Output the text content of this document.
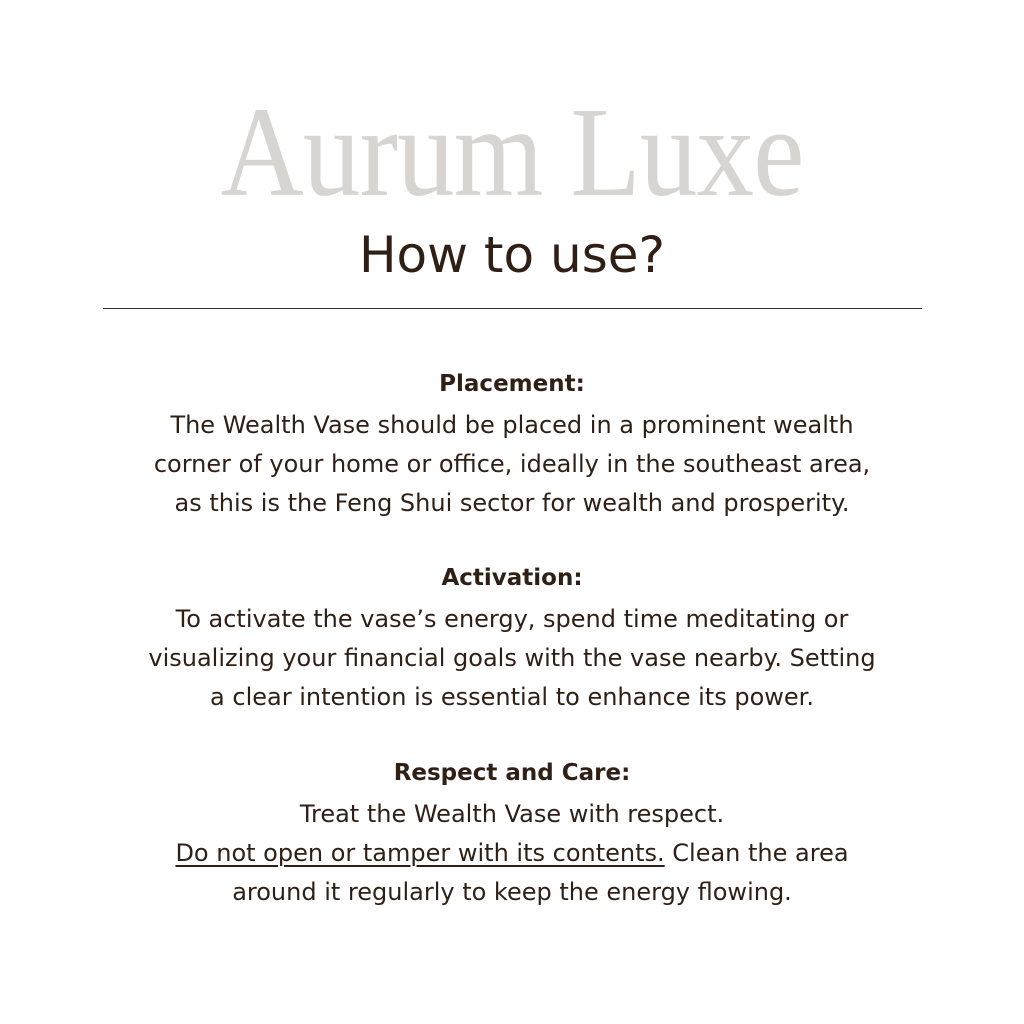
Aurum Luxe
How to use?
Placement:
The Wealth Vase should be placed in a prominent wealth
corner of your home or office, ideally in the southeast area,
as this is the Feng Shui sector for wealth and prosperity.
Activation:
To activate the vase’s energy, spend time meditating or
visualizing your financial goals with the vase nearby. Setting
a clear intention is essential to enhance its power.
Respect and Care:
Treat the Wealth Vase with respect.
Do not open or tamper with its contents. Clean the area
around it regularly to keep the energy flowing.
